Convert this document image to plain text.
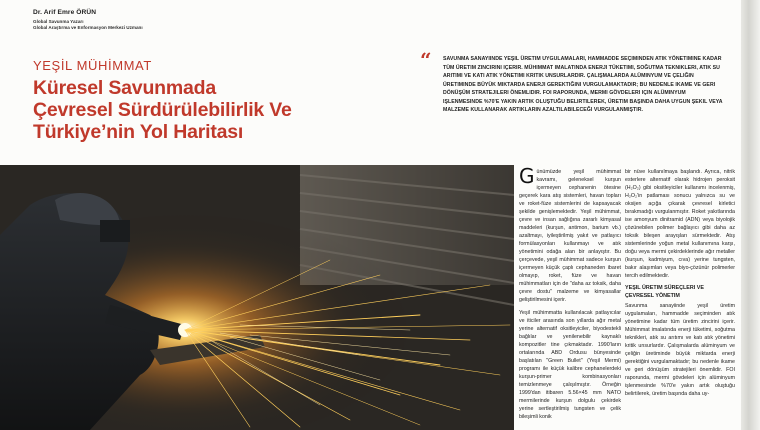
Dr. Arif Emre ÖRÜN
Global Savunma Yazarı
Global Araştırma ve Enformasyon Merkezi Uzmanı
YEŞİL MÜHİMMAT
Küresel Savunmada
Çevresel Sürdürülebilirlik Ve
Türkiye’nin Yol Haritası
“ SAVUNMA SANAYIINDE YEŞIL ÜRETIM UYGULAMALARI, HAMMADDE SEÇIMINDEN ATIK YÖNETIMINE KADAR TÜM ÜRETIM ZINCIRINI IÇERIR. MÜHIMMAT IMALATINDA ENERJI TÜKETIMI, SOĞUTMA TEKNIKLERI, ATIK SU ARITIMI VE KATI ATIK YÖNETIMI KRITIK UNSURLARDIR. ÇALIŞMALARDA ALÜMINYUM VE ÇELIĞIN ÜRETIMINDE BÜYÜK MIKTARDA ENERJI GEREKTIĞINI VURGULAMAKTADIR; BU NEDENLE IKAME VE GERI DÖNÜŞÜM STRATEJILERI ÖNEMLIDIR. FOI RAPORUNDA, MERMI GÖVDELERI IÇIN ALÜMINYUM IŞLENMESINDE %70'E YAKIN ARTIK OLUŞTUĞU BELIRTILEREK, ÜRETIM BAŞINDA DAHA UYGUN ŞEKIL VEYA MALZEME KULLANARAK ARTIKLARIN AZALTILABILECEĞI VURGULANMIŞTIR.

Günümüzde yeşil mühimmat kavramı, geleneksel kurşun içermeyen cephanenin ötesine geçerek kara atış sistemleri, havan topları ve roket-füze sistemlerini de kapsayacak şekilde genişlemektedir. Yeşil mühimmat, çevre ve insan sağlığına zararlı kimyasal maddeleri (kurşun, antimon, barium vb.) azaltmayı, iyileştirilmiş yakıt ve patlayıcı formülasyonları kullanmayı ve atık yönetimini odağa alan bir anlayıştır. Bu çerçevede, yeşil mühimmat sadece kurşun içermeyen küçük çaplı cephaneden ibaret olmayıp, roket, füze ve havan mühimmatları için de "daha az toksik, daha çevre dostu" malzeme ve kimyasallar geliştirilmesini içerir.

Yeşil mühimmatta kullanılacak patlayıcılar ve iticiler arasında son yıllarda ağır metal yerine alternatif oksitleyiciler, biyodestekli bağlılar ve yenilenebilir kaynaklı kompozitler tine çıkmaktadır. 1990'ların ortalarında ABD Ordusu bünyesinde başlatılan "Green Bullet" (Yeşil Mermi) programı ile küçük kalibre cephanelerdeki kurşun-primer kombinasyonları temizlenmeye çalışılmıştır. Örneğin 1999'dan itibaren 5.56×45 mm NATO mermilerinde kurşun dolgulu çekirdek yerine sertleştirilmiş tungsten ve çelik bileşimli konik

bir nüve kullanılmaya başlandı. Ayrıca, nitrik esterlere alternatif olarak hidrojen peroksit (H₂O₂) gibi oksitleyiciler kullanımı incelenmiş, H₂O₂'in patlaması sonucu yalnızca su ve oksijen açığa çıkarak çevresel kirletici bırakmadığı vurgulanmıştır. Roket yakıtlarında ise amonyum dinitramid (ADN) veya biyolojik çözünebilen polimer bağlayıcı gibi daha az toksik bileşen arayışları sürmektedir. Atış sistemlerinde yoğun metal kullanımına karşı, doğu veya mermi çekirdeklerinde ağır metaller (kurşun, kadmiyum, cıva) yerine tungsten, bakır alaşımları veya biyo-çözünür polimerler tercih edilmektedir.

YEŞIL ÜRETIM SÜREÇLERI VE
ÇEVRESEL YÖNETIM

Savunma sanayiinde yeşil üretim uygulamaları, hammadde seçiminden atık yönetimine kadar tüm üretim zincirini içerir. Mühimmat imalatında enerji tüketimi, soğutma teknikleri, atık su arıtımı ve katı atık yönetimi kritik unsurlardır. Çalışmalarda alüminyum ve çeliğin üretiminde büyük miktarda enerji gerektiğini vurgulamaktadır; bu nedenle ikame ve geri dönüşüm stratejileri önemlidir. FOI raporunda, mermi gövdeleri için alüminyum işlenmesinde %70'e yakın artık oluştuğu belirtilerek, üretim başında daha uy-
